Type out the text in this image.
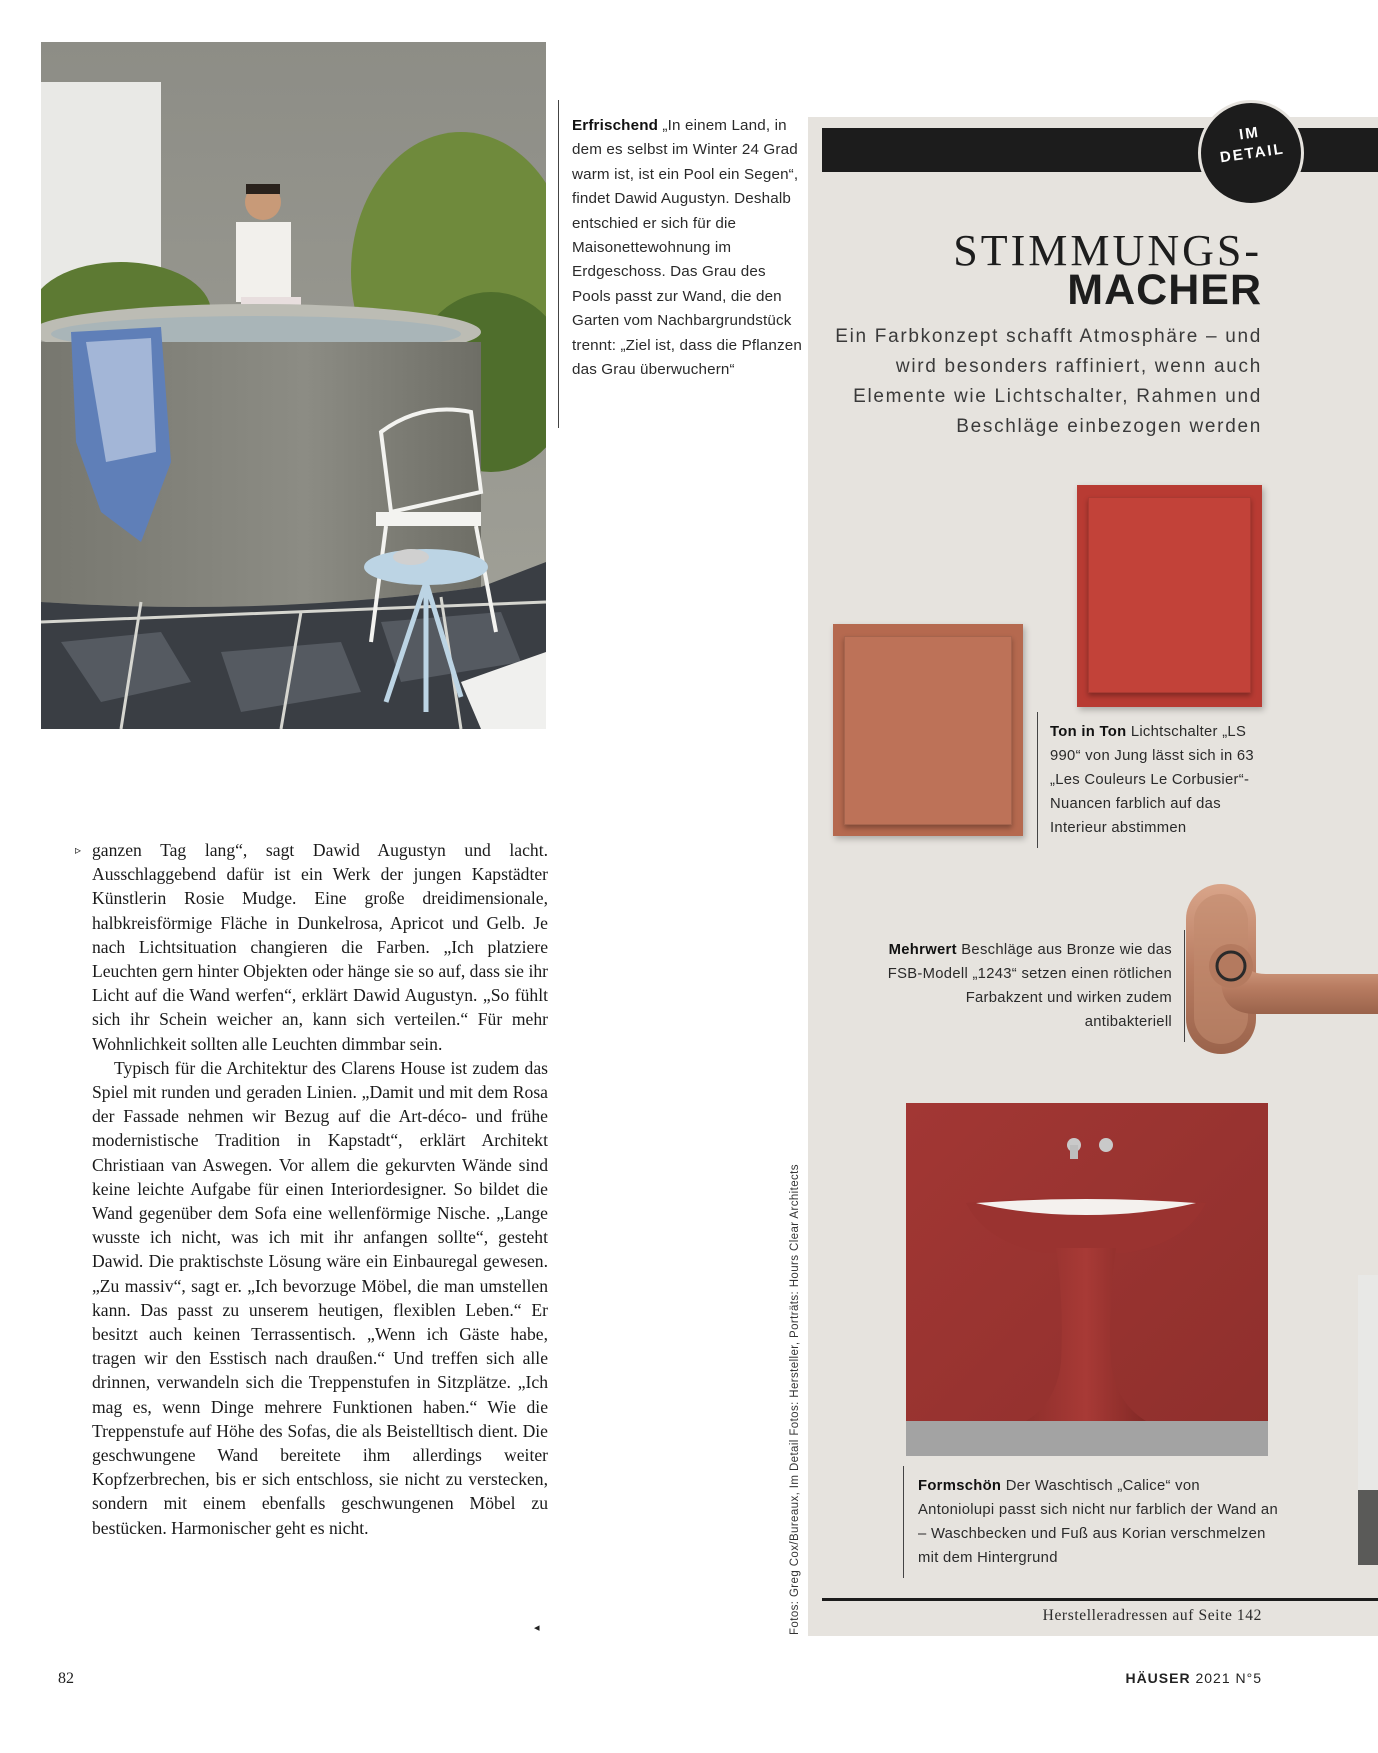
Erfrischend „In einem Land, in dem es selbst im Winter 24 Grad warm ist, ist ein Pool ein Segen“, findet Dawid Augustyn. Deshalb entschied er sich für die Maisonettewohnung im Erdgeschoss. Das Grau des Pools passt zur Wand, die den Garten vom Nachbargrundstück trennt: „Ziel ist, dass die Pflanzen das Grau überwuchern“

▹ ganzen Tag lang“, sagt Dawid Augustyn und lacht. Ausschlaggebend dafür ist ein Werk der jungen Kapstädter Künstlerin Rosie Mudge. Eine große dreidimensionale, halbkreisförmige Fläche in Dunkelrosa, Apricot und Gelb. Je nach Lichtsituation changieren die Farben. „Ich platziere Leuchten gern hinter Objekten oder hänge sie so auf, dass sie ihr Licht auf die Wand werfen“, erklärt Dawid Augustyn. „So fühlt sich ihr Schein weicher an, kann sich verteilen.“ Für mehr Wohnlichkeit sollten alle Leuchten dimmbar sein.

Typisch für die Architektur des Clarens House ist zudem das Spiel mit runden und geraden Linien. „Damit und mit dem Rosa der Fassade nehmen wir Bezug auf die Art-déco- und frühe modernistische Tradition in Kapstadt“, erklärt Architekt Christiaan van Aswegen. Vor allem die gekurvten Wände sind keine leichte Aufgabe für einen Interiordesigner. So bildet die Wand gegenüber dem Sofa eine wellenförmige Nische. „Lange wusste ich nicht, was ich mit ihr anfangen sollte“, gesteht Dawid. Die praktischste Lösung wäre ein Einbauregal gewesen. „Zu massiv“, sagt er. „Ich bevorzuge Möbel, die man umstellen kann. Das passt zu unserem heutigen, flexiblen Leben.“ Er besitzt auch keinen Terrassentisch. „Wenn ich Gäste habe, tragen wir den Esstisch nach draußen.“ Und treffen sich alle drinnen, verwandeln sich die Treppenstufen in Sitzplätze. „Ich mag es, wenn Dinge mehrere Funktionen haben.“ Wie die Treppenstufe auf Höhe des Sofas, die als Beistelltisch dient. Die geschwungene Wand bereitete ihm allerdings weiter Kopfzerbrechen, bis er sich entschloss, sie nicht zu verstecken, sondern mit einem ebenfalls geschwungenen Möbel zu bestücken. Harmonischer geht es nicht.

◂	Fotos: Greg Cox/Bureaux, Im Detail Fotos: Hersteller, Porträts: Hours Clear Architects
IM
DETAIL
STIMMUNGS-
MACHER
Ein Farbkonzept schafft Atmosphäre – und wird besonders raffiniert, wenn auch Elemente wie Lichtschalter, Rahmen und Beschläge einbezogen werden

Ton in Ton Lichtschalter „LS 990“ von Jung lässt sich in 63 „Les Couleurs Le Corbusier“-Nuancen farblich auf das Interieur abstimmen

Mehrwert Beschläge aus Bronze wie das FSB-Modell „1243“ setzen einen rötlichen Farbakzent und wirken zudem antibakteriell

Formschön Der Waschtisch „Calice“ von Antoniolupi passt sich nicht nur farblich der Wand an – Waschbecken und Fuß aus Korian verschmelzen mit dem Hintergrund

Herstelleradressen auf Seite 142
82	HÄUSER 2021 N°5
